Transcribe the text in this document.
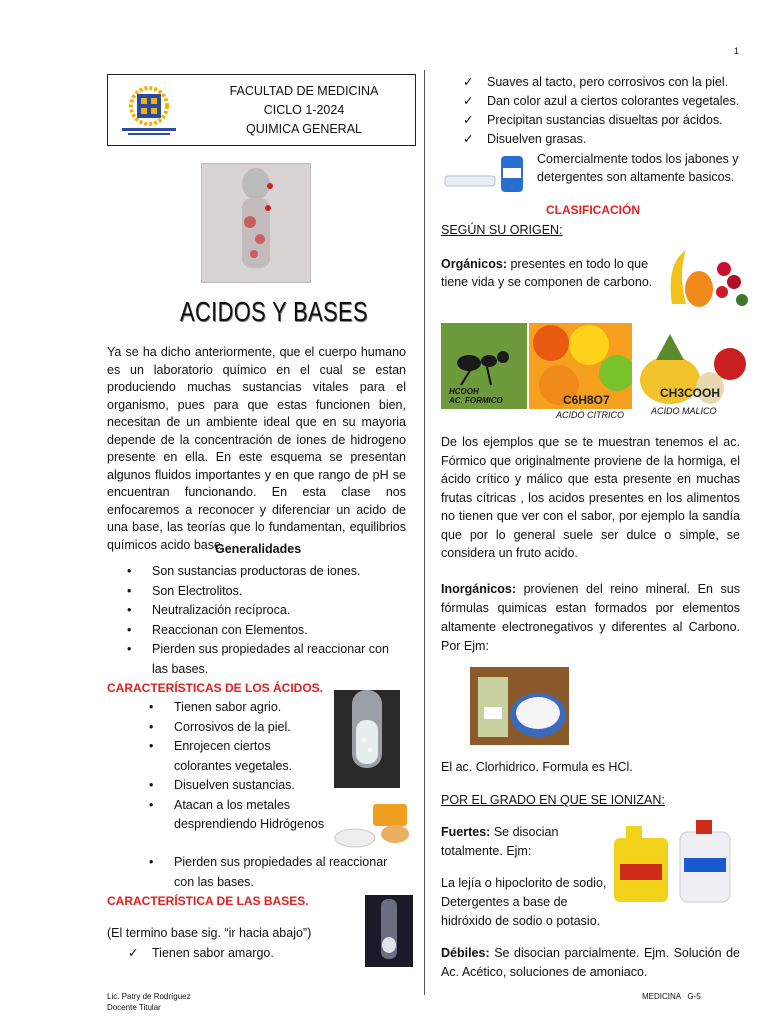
1
FACULTAD DE MEDICINA
CICLO 1-2024
QUIMICA GENERAL
ACIDOS Y BASES

Ya se ha dicho anteriormente, que el cuerpo humano es un laboratorio químico en el cual se estan produciendo muchas sustancias vitales para el organismo, pues para que estas funcionen bien, necesitan de un ambiente ideal que en su mayoria depende de la concentración de iones de hidrogeno presente en ella. En este esquema se presentan algunos fluidos importantes y en que rango de pH se encuentran funcionando. En esta clase nos enfocaremos a reconocer y diferenciar un acido de una base, las teorías que lo fundamentan, equilibrios químicos acido base.

Generalidades
• Son sustancias productoras de iones.
• Son Electrolitos.
• Neutralización recíproca.
• Reaccionan con Elementos.
• Pierden sus propiedades al reaccionar con las bases.
CARACTERÍSTICAS DE LOS ÁCIDOS.
• Tienen sabor agrio.
• Corrosivos de la piel.
• Enrojecen ciertos colorantes vegetales.
• Disuelven sustancias.
• Atacan a los metales desprendiendo Hidrógenos
• Pierden sus propiedades al reaccionar con las bases.
CARACTERÍSTICA DE LAS BASES.
(El termino base sig. “ir hacia abajo”)
✓ Tienen sabor amargo.
✓ Suaves al tacto, pero corrosivos con la piel.
✓ Dan color azul a ciertos colorantes vegetales.
✓ Precipitan sustancias disueltas por ácidos.
✓ Disuelven grasas.
Comercialmente todos los jabones y detergentes son altamente basicos.
CLASIFICACIÓN
SEGÚN SU ORIGEN:
Orgánicos: presentes en todo lo que tiene vida y se componen de carbono.
HCOOH
AC. FORMICO	C6H8O7
ACIDO CITRICO
CH3COOH
ACIDO MALICO

De los ejemplos que se te muestran tenemos el ac. Fórmico que originalmente proviene de la hormiga, el ácido crítico y málico que esta presente en muchas frutas cítricas , los acidos presentes en los alimentos no tienen que ver con el sabor, por ejemplo la sandía que por lo general suele ser dulce o simple, se considera un fruto acido.

Inorgánicos: provienen del reino mineral. En sus fórmulas quimicas estan formados por elementos altamente electronegativos y diferentes al Carbono. Por Ejm:

El ac. Clorhidrico. Formula es HCl.
POR EL GRADO EN QUE SE IONIZAN:
Fuertes: Se disocian totalmente. Ejm:
La lejía o hipoclorito de sodio, Detergentes a base de hidróxido de sodio o potasio.

Débiles: Se disocian parcialmente. Ejm. Solución de Ac. Acético, soluciones de amoniaco.

Lic. Patry de Rodríguez
Docente Titular
MEDICINA   G-5
